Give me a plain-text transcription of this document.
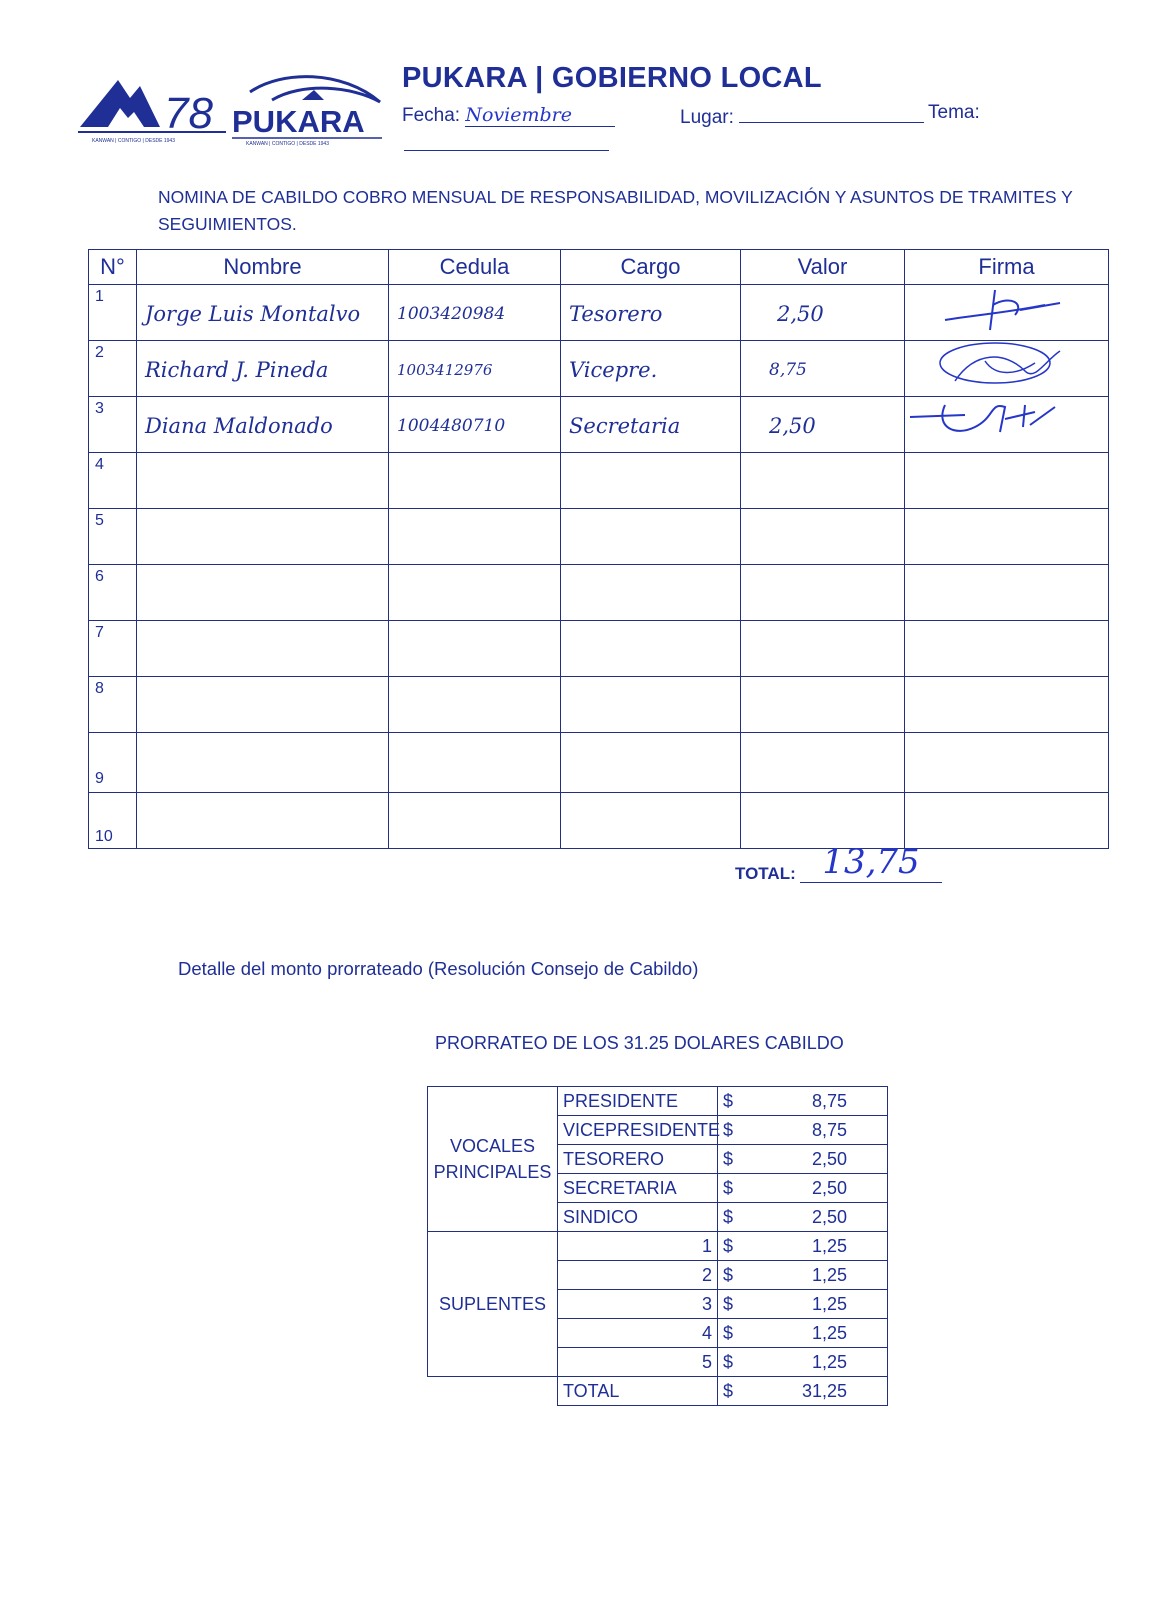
78
KANWAN | CONTIGO | DESDE 1943
PUKARA
KANWAN | CONTIGO | DESDE 1943
PUKARA | GOBIERNO LOCAL
Fecha: Noviembre	Lugar:	Tema:
NOMINA DE CABILDO COBRO MENSUAL DE RESPONSABILIDAD, MOVILIZACIÓN Y ASUNTOS DE TRAMITES Y SEGUIMIENTOS.
N°	Nombre	Cedula	Cargo	Valor	Firma
1	Jorge Luis Montalvo	1003420984	Tesorero	2,50	

2	Richard J. Pineda	1003412976	Vicepre.	8,75	

3	Diana Maldonado	1004480710	Secretaria	2,50	

4					
5					
6					
7					
8					
9					
10					
TOTAL: 13,75
Detalle del monto prorrateado (Resolución Consejo de Cabildo)
PRORRATEO DE LOS 31.25 DOLARES CABILDO
VOCALES PRINCIPALES	PRESIDENTE	$	8,75
	VICEPRESIDENTE	$	8,75
	TESORERO	$	2,50
	SECRETARIA	$	2,50
	SINDICO	$	2,50
SUPLENTES	1	$	1,25
	2	$	1,25
	3	$	1,25
	4	$	1,25
	5	$	1,25
	TOTAL	$	31,25
